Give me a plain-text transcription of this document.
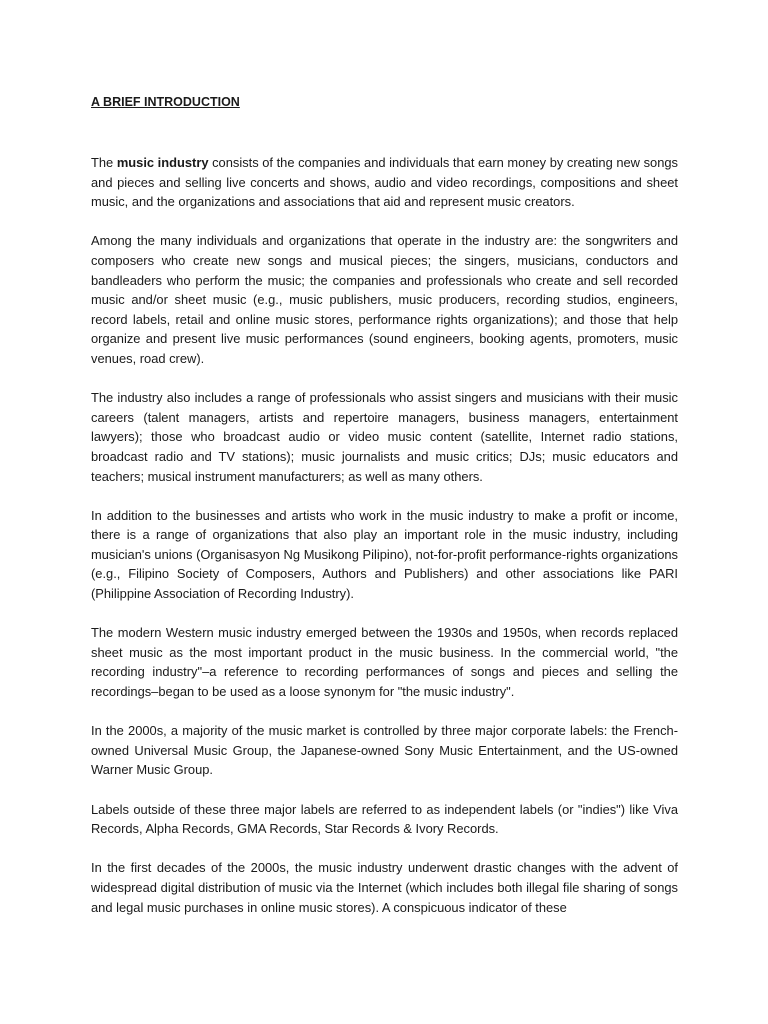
A BRIEF INTRODUCTION

The music industry consists of the companies and individuals that earn money by creating new songs and pieces and selling live concerts and shows, audio and video recordings, compositions and sheet music, and the organizations and associations that aid and represent music creators.

Among the many individuals and organizations that operate in the industry are: the songwriters and composers who create new songs and musical pieces; the singers, musicians, conductors and bandleaders who perform the music; the companies and professionals who create and sell recorded music and/or sheet music (e.g., music publishers, music producers, recording studios, engineers, record labels, retail and online music stores, performance rights organizations); and those that help organize and present live music performances (sound engineers, booking agents, promoters, music venues, road crew).

The industry also includes a range of professionals who assist singers and musicians with their music careers (talent managers, artists and repertoire managers, business managers, entertainment lawyers); those who broadcast audio or video music content (satellite, Internet radio stations, broadcast radio and TV stations); music journalists and music critics; DJs; music educators and teachers; musical instrument manufacturers; as well as many others.

In addition to the businesses and artists who work in the music industry to make a profit or income, there is a range of organizations that also play an important role in the music industry, including musician's unions (Organisasyon Ng Musikong Pilipino), not-for-profit performance-rights organizations (e.g., Filipino Society of Composers, Authors and Publishers) and other associations like PARI (Philippine Association of Recording Industry).

The modern Western music industry emerged between the 1930s and 1950s, when records replaced sheet music as the most important product in the music business. In the commercial world, "the recording industry"–a reference to recording performances of songs and pieces and selling the recordings–began to be used as a loose synonym for "the music industry".

In the 2000s, a majority of the music market is controlled by three major corporate labels: the French-owned Universal Music Group, the Japanese-owned Sony Music Entertainment, and the US-owned Warner Music Group.

Labels outside of these three major labels are referred to as independent labels (or "indies") like Viva Records, Alpha Records, GMA Records, Star Records & Ivory Records.

In the first decades of the 2000s, the music industry underwent drastic changes with the advent of widespread digital distribution of music via the Internet (which includes both illegal file sharing of songs and legal music purchases in online music stores). A conspicuous indicator of these
